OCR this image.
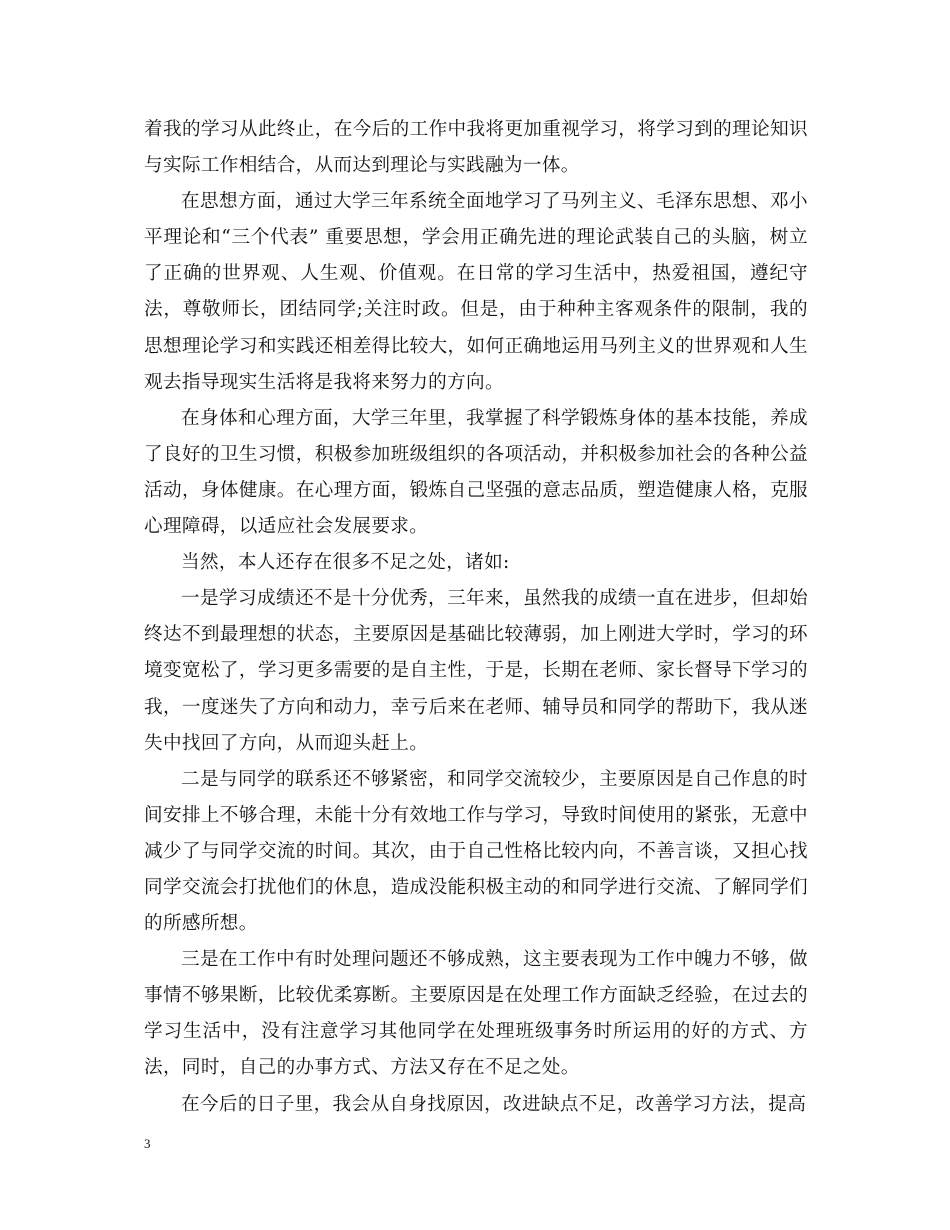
着我的学习从此终止，在今后的工作中我将更加重视学习，将学习到的理论知识与实际工作相结合，从而达到理论与实践融为一体。

在思想方面，通过大学三年系统全面地学习了马列主义、毛泽东思想、邓小平理论和“三个代表” 重要思想，学会用正确先进的理论武装自己的头脑，树立了正确的世界观、人生观、价值观。在日常的学习生活中，热爱祖国，遵纪守法，尊敬师长，团结同学;关注时政。但是，由于种种主客观条件的限制，我的思想理论学习和实践还相差得比较大，如何正确地运用马列主义的世界观和人生观去指导现实生活将是我将来努力的方向。

在身体和心理方面，大学三年里，我掌握了科学锻炼身体的基本技能，养成了良好的卫生习惯，积极参加班级组织的各项活动，并积极参加社会的各种公益活动，身体健康。在心理方面，锻炼自己坚强的意志品质，塑造健康人格，克服心理障碍，以适应社会发展要求。

当然，本人还存在很多不足之处，诸如:

一是学习成绩还不是十分优秀，三年来，虽然我的成绩一直在进步，但却始终达不到最理想的状态，主要原因是基础比较薄弱，加上刚进大学时，学习的环境变宽松了，学习更多需要的是自主性，于是，长期在老师、家长督导下学习的我，一度迷失了方向和动力，幸亏后来在老师、辅导员和同学的帮助下，我从迷失中找回了方向，从而迎头赶上。

二是与同学的联系还不够紧密，和同学交流较少，主要原因是自己作息的时间安排上不够合理，未能十分有效地工作与学习，导致时间使用的紧张，无意中减少了与同学交流的时间。其次，由于自己性格比较内向，不善言谈，又担心找同学交流会打扰他们的休息，造成没能积极主动的和同学进行交流、了解同学们的所感所想。

三是在工作中有时处理问题还不够成熟，这主要表现为工作中魄力不够，做事情不够果断，比较优柔寡断。主要原因是在处理工作方面缺乏经验，在过去的学习生活中，没有注意学习其他同学在处理班级事务时所运用的好的方式、方法，同时，自己的办事方式、方法又存在不足之处。

在今后的日子里，我会从自身找原因，改进缺点不足，改善学习方法，提高

3
